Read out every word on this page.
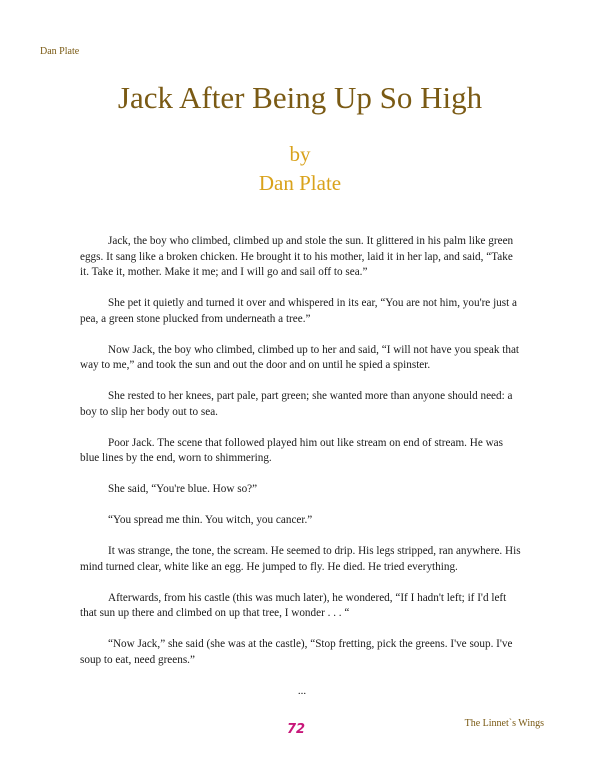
Dan Plate
Jack After Being Up So High
by
Dan Plate

Jack, the boy who climbed, climbed up and stole the sun. It glittered in his palm like green eggs. It sang like a broken chicken. He brought it to his mother, laid it in her lap, and said, “Take it. Take it, mother. Make it me; and I will go and sail off to sea.”

She pet it quietly and turned it over and whispered in its ear, “You are not him, you're just a pea, a green stone plucked from underneath a tree.”

Now Jack, the boy who climbed, climbed up to her and said, “I will not have you speak that way to me,” and took the sun and out the door and on until he spied a spinster.

She rested to her knees, part pale, part green; she wanted more than anyone should need: a boy to slip her body out to sea.

Poor Jack. The scene that followed played him out like stream on end of stream. He was blue lines by the end, worn to shimmering.

She said, “You're blue. How so?”

“You spread me thin. You witch, you cancer.”

It was strange, the tone, the scream. He seemed to drip. His legs stripped, ran anywhere. His mind turned clear, white like an egg. He jumped to fly. He died. He tried everything.

Afterwards, from his castle (this was much later), he wondered, “If I hadn't left; if I'd left that sun up there and climbed on up that tree, I wonder . . . “

“Now Jack,” she said (she was at the castle), “Stop fretting, pick the greens. I've soup. I've soup to eat, need greens.”

...
72	The Linnet`s Wings
